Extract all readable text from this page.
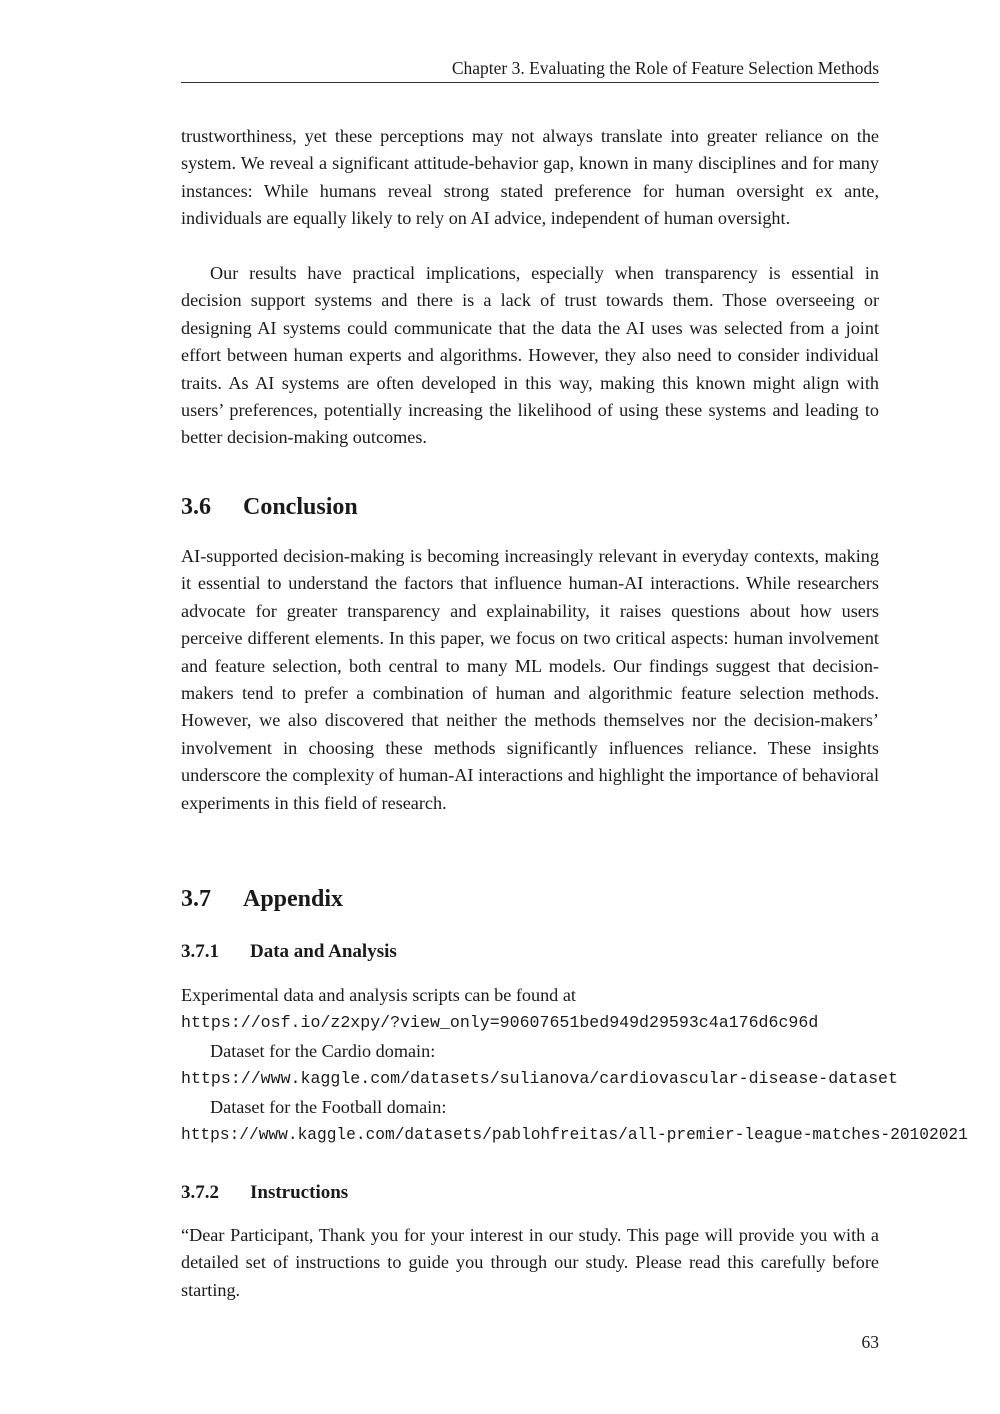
Chapter 3. Evaluating the Role of Feature Selection Methods

trustworthiness, yet these perceptions may not always translate into greater reliance on the system. We reveal a significant attitude-behavior gap, known in many disciplines and for many instances: While humans reveal strong stated preference for human oversight ex ante, individuals are equally likely to rely on AI advice, independent of human oversight.

Our results have practical implications, especially when transparency is essential in decision support systems and there is a lack of trust towards them. Those overseeing or designing AI systems could communicate that the data the AI uses was selected from a joint effort between human experts and algorithms. However, they also need to consider individual traits. As AI systems are often developed in this way, making this known might align with users’ preferences, potentially increasing the likelihood of using these systems and leading to better decision-making outcomes.

3.6 Conclusion

AI-supported decision-making is becoming increasingly relevant in everyday contexts, making it essential to understand the factors that influence human-AI interactions. While researchers advocate for greater transparency and explainability, it raises questions about how users perceive different elements. In this paper, we focus on two critical aspects: human involvement and feature selection, both central to many ML models. Our findings suggest that decision-makers tend to prefer a combination of human and algorithmic feature selection methods. However, we also discovered that neither the methods themselves nor the decision-makers’ involvement in choosing these methods significantly influences reliance. These insights underscore the complexity of human-AI interactions and highlight the importance of behavioral experiments in this field of research.

3.7 Appendix
3.7.1 Data and Analysis
Experimental data and analysis scripts can be found at
https://osf.io/z2xpy/?view_only=90607651bed949d29593c4a176d6c96d
Dataset for the Cardio domain:
https://www.kaggle.com/datasets/sulianova/cardiovascular-disease-dataset
Dataset for the Football domain:
https://www.kaggle.com/datasets/pablohfreitas/all-premier-league-matches-20102021
3.7.2 Instructions

“Dear Participant, Thank you for your interest in our study. This page will provide you with a detailed set of instructions to guide you through our study. Please read this carefully before starting.

63
